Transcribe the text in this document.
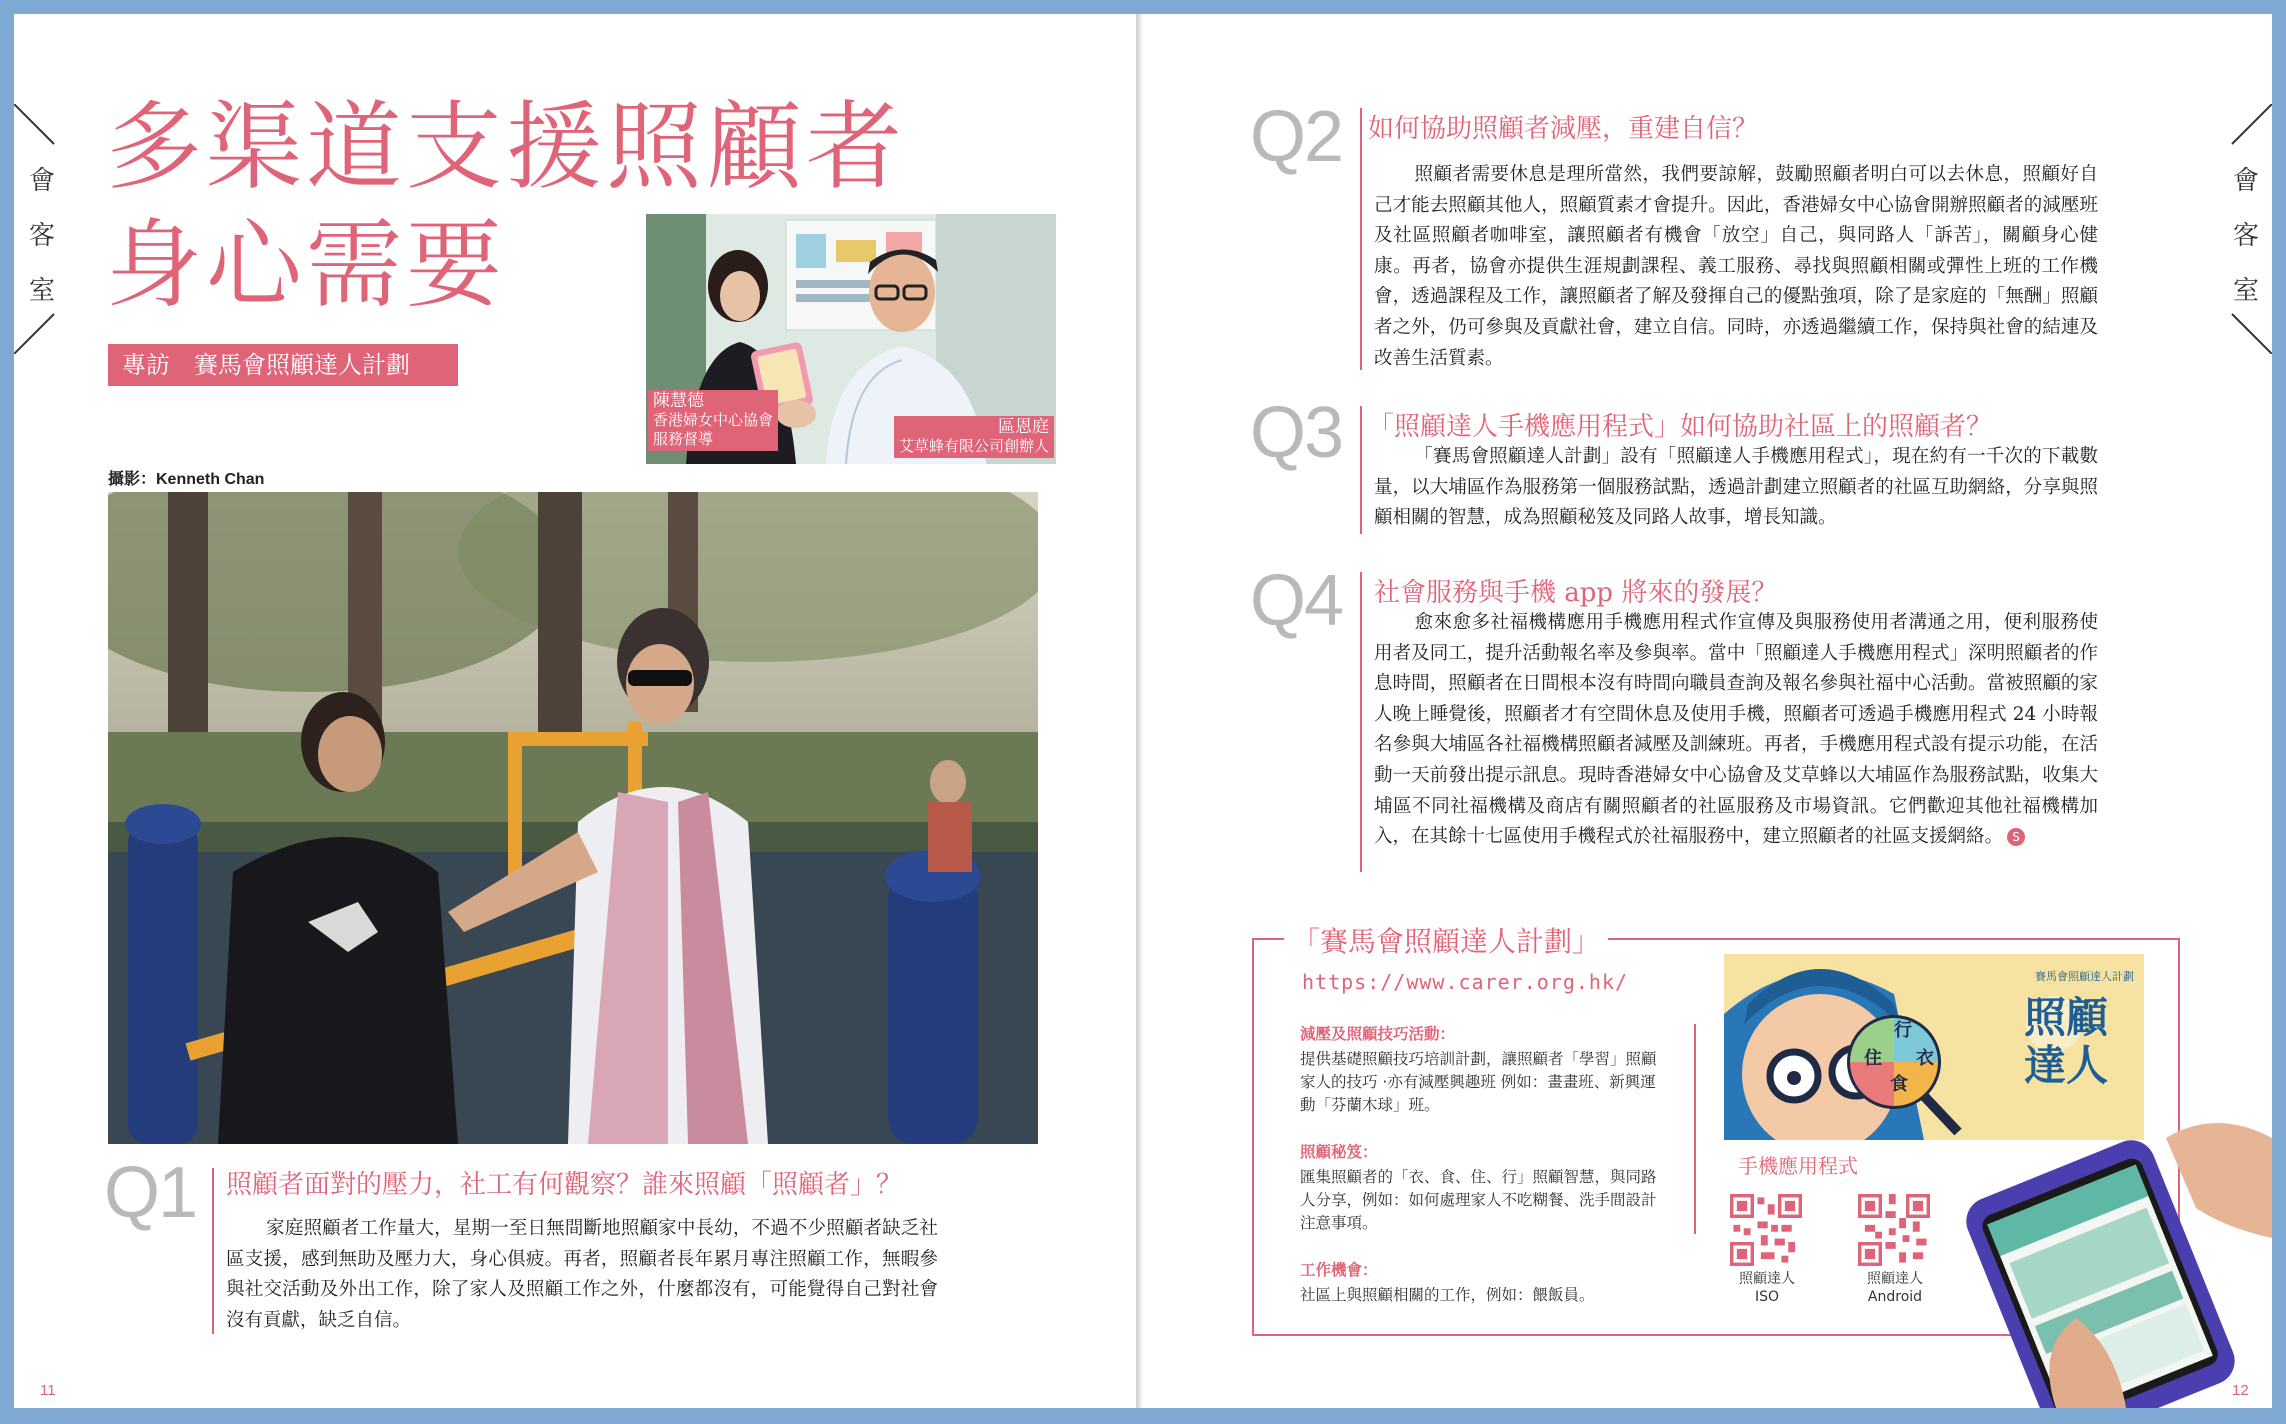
會
客
室
多渠道支援照顧者
身心需要
專訪　賽馬會照顧達人計劃
陳慧德
香港婦女中心協會
服務督導
區恩庭
艾草蜂有限公司創辦人
攝影：Kenneth Chan
Q1 照顧者面對的壓力，社工有何觀察？誰來照顧「照顧者」？
家庭照顧者工作量大，星期一至日無間斷地照顧家中長幼，不過不少照顧者缺乏社區支援，感到無助及壓力大，身心俱疲。再者，照顧者長年累月專注照顧工作，無暇參與社交活動及外出工作，除了家人及照顧工作之外，什麼都沒有，可能覺得自己對社會沒有貢獻，缺乏自信。
11
會
客
室
Q2 如何協助照顧者減壓，重建自信？
照顧者需要休息是理所當然，我們要諒解，鼓勵照顧者明白可以去休息，照顧好自己才能去照顧其他人，照顧質素才會提升。因此，香港婦女中心協會開辦照顧者的減壓班及社區照顧者咖啡室，讓照顧者有機會「放空」自己，與同路人「訴苦」，關顧身心健康。再者，協會亦提供生涯規劃課程、義工服務、尋找與照顧相關或彈性上班的工作機會，透過課程及工作，讓照顧者了解及發揮自己的優點強項，除了是家庭的「無酬」照顧者之外，仍可參與及貢獻社會，建立自信。同時，亦透過繼續工作，保持與社會的結連及改善生活質素。
Q3 「照顧達人手機應用程式」如何協助社區上的照顧者？
「賽馬會照顧達人計劃」設有「照顧達人手機應用程式」，現在約有一千次的下載數量，以大埔區作為服務第一個服務試點，透過計劃建立照顧者的社區互助網絡，分享與照顧相關的智慧，成為照顧秘笈及同路人故事，增長知識。
Q4 社會服務與手機 app 將來的發展？
愈來愈多社福機構應用手機應用程式作宣傳及與服務使用者溝通之用，便利服務使用者及同工，提升活動報名率及參與率。當中「照顧達人手機應用程式」深明照顧者的作息時間，照顧者在日間根本沒有時間向職員查詢及報名參與社福中心活動。當被照顧的家人晚上睡覺後，照顧者才有空間休息及使用手機，照顧者可透過手機應用程式 24 小時報名參與大埔區各社福機構照顧者減壓及訓練班。再者，手機應用程式設有提示功能，在活動一天前發出提示訊息。現時香港婦女中心協會及艾草蜂以大埔區作為服務試點，收集大埔區不同社福機構及商店有關照顧者的社區服務及市場資訊。它們歡迎其他社福機構加入，在其餘十七區使用手機程式於社福服務中，建立照顧者的社區支援網絡。 S
「賽馬會照顧達人計劃」
https://www.carer.org.hk/
減壓及照顧技巧活動：
提供基礎照顧技巧培訓計劃，讓照顧者「學習」照顧家人的技巧 ·亦有減壓興趣班 例如：畫畫班、新興運動「芬蘭木球」班。
照顧秘笈：
匯集照顧者的「衣、食、住、行」照顧智慧，與同路人分享，例如：如何處理家人不吃糊餐、洗手間設計注意事項。
工作機會：
社區上與照顧相關的工作，例如：餵飯員。
行
衣
住
食
賽馬會照顧達人計劃
照顧達人
手機應用程式
照顧達人
ISO
照顧達人
Android
12
